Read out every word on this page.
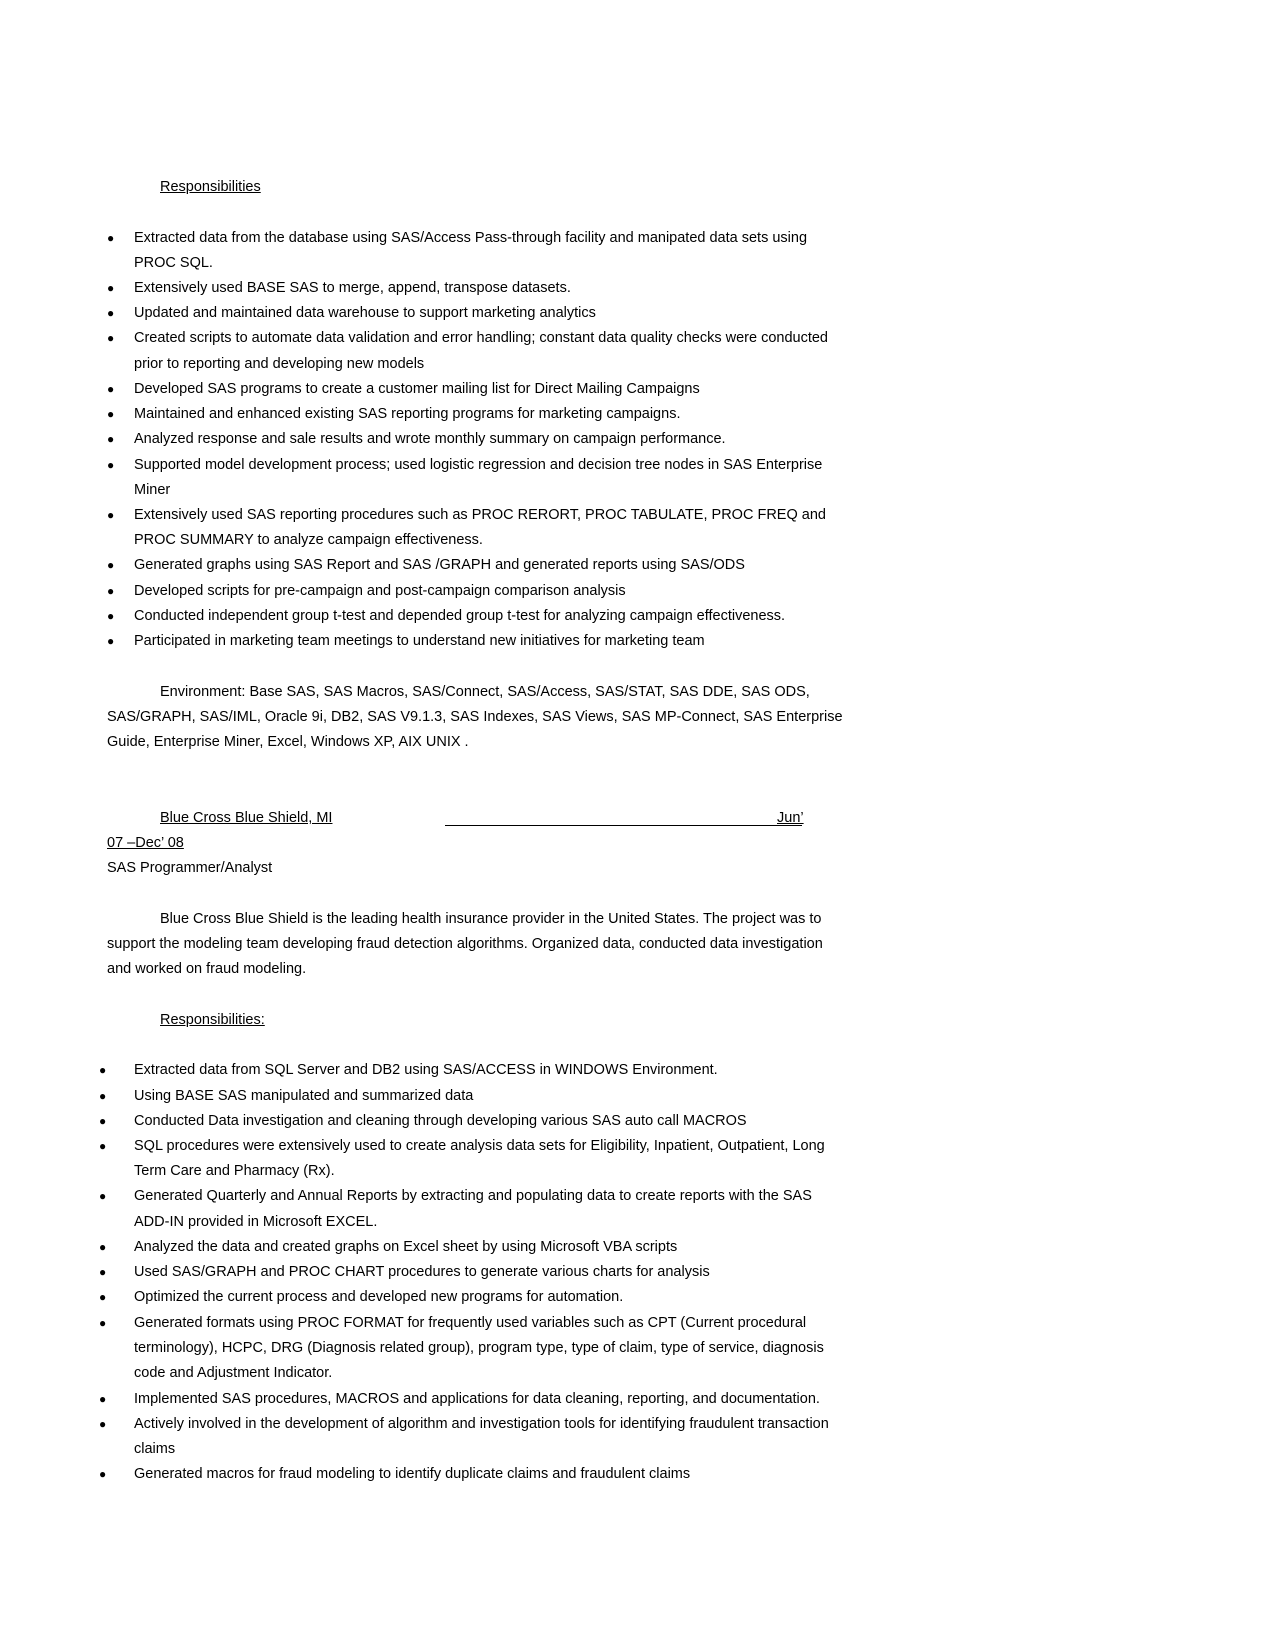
Responsibilities
● Extracted data from the database using SAS/Access Pass-through facility and manipated data sets using
PROC SQL.
● Extensively used BASE SAS to merge, append, transpose datasets.
● Updated and maintained data warehouse to support marketing analytics
● Created scripts to automate data validation and error handling; constant data quality checks were conducted
prior to reporting and developing new models
● Developed SAS programs to create a customer mailing list for Direct Mailing Campaigns
● Maintained and enhanced existing SAS reporting programs for marketing campaigns.
● Analyzed response and sale results and wrote monthly summary on campaign performance.
● Supported model development process; used logistic regression and decision tree nodes in SAS Enterprise
Miner
● Extensively used SAS reporting procedures such as PROC RERORT, PROC TABULATE, PROC FREQ and
PROC SUMMARY to analyze campaign effectiveness.
● Generated graphs using SAS Report and SAS /GRAPH and generated reports using SAS/ODS
● Developed scripts for pre-campaign and post-campaign comparison analysis
● Conducted independent group t-test and depended group t-test for analyzing campaign effectiveness.
● Participated in marketing team meetings to understand new initiatives for marketing team
Environment: Base SAS, SAS Macros, SAS/Connect, SAS/Access, SAS/STAT, SAS DDE, SAS ODS,
SAS/GRAPH, SAS/IML, Oracle 9i, DB2, SAS V9.1.3, SAS Indexes, SAS Views, SAS MP-Connect, SAS Enterprise
Guide, Enterprise Miner, Excel, Windows XP, AIX UNIX .
Blue Cross Blue Shield, MI	Jun’
07 –Dec’ 08
SAS Programmer/Analyst
Blue Cross Blue Shield is the leading health insurance provider in the United States. The project was to
support the modeling team developing fraud detection algorithms. Organized data, conducted data investigation
and worked on fraud modeling.
Responsibilities:
● Extracted data from SQL Server and DB2 using SAS/ACCESS in WINDOWS Environment.
● Using BASE SAS manipulated and summarized data
● Conducted Data investigation and cleaning through developing various SAS auto call MACROS
● SQL procedures were extensively used to create analysis data sets for Eligibility, Inpatient, Outpatient, Long
Term Care and Pharmacy (Rx).
● Generated Quarterly and Annual Reports by extracting and populating data to create reports with the SAS
ADD-IN provided in Microsoft EXCEL.
● Analyzed the data and created graphs on Excel sheet by using Microsoft VBA scripts
● Used SAS/GRAPH and PROC CHART procedures to generate various charts for analysis
● Optimized the current process and developed new programs for automation.
● Generated formats using PROC FORMAT for frequently used variables such as CPT (Current procedural
terminology), HCPC, DRG (Diagnosis related group), program type, type of claim, type of service, diagnosis
code and Adjustment Indicator.
● Implemented SAS procedures, MACROS and applications for data cleaning, reporting, and documentation.
● Actively involved in the development of algorithm and investigation tools for identifying fraudulent transaction
claims
● Generated macros for fraud modeling to identify duplicate claims and fraudulent claims
